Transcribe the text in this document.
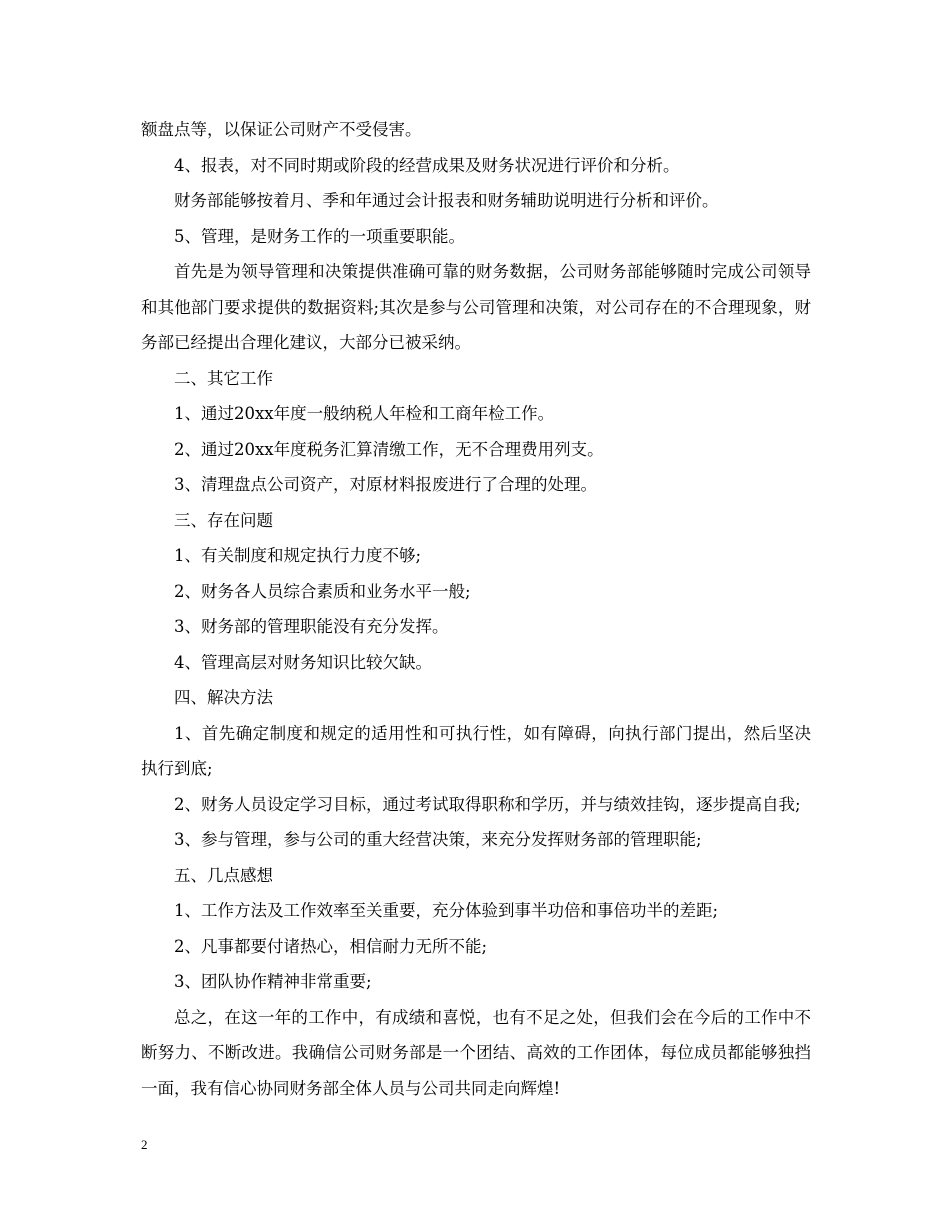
额盘点等，以保证公司财产不受侵害。

4、报表，对不同时期或阶段的经营成果及财务状况进行评价和分析。

财务部能够按着月、季和年通过会计报表和财务辅助说明进行分析和评价。

5、管理，是财务工作的一项重要职能。

首先是为领导管理和决策提供准确可靠的财务数据，公司财务部能够随时完成公司领导和其他部门要求提供的数据资料;其次是参与公司管理和决策，对公司存在的不合理现象，财务部已经提出合理化建议，大部分已被采纳。

二、其它工作

1、通过20xx年度一般纳税人年检和工商年检工作。

2、通过20xx年度税务汇算清缴工作，无不合理费用列支。

3、清理盘点公司资产，对原材料报废进行了合理的处理。

三、存在问题

1、有关制度和规定执行力度不够;

2、财务各人员综合素质和业务水平一般;

3、财务部的管理职能没有充分发挥。

4、管理高层对财务知识比较欠缺。

四、解决方法

1、首先确定制度和规定的适用性和可执行性，如有障碍，向执行部门提出，然后坚决执行到底;

2、财务人员设定学习目标，通过考试取得职称和学历，并与绩效挂钩，逐步提高自我;

3、参与管理，参与公司的重大经营决策，来充分发挥财务部的管理职能;

五、几点感想

1、工作方法及工作效率至关重要，充分体验到事半功倍和事倍功半的差距;

2、凡事都要付诸热心，相信耐力无所不能;

3、团队协作精神非常重要;

总之，在这一年的工作中，有成绩和喜悦，也有不足之处，但我们会在今后的工作中不断努力、不断改进。我确信公司财务部是一个团结、高效的工作团体，每位成员都能够独挡一面，我有信心协同财务部全体人员与公司共同走向辉煌!

2
